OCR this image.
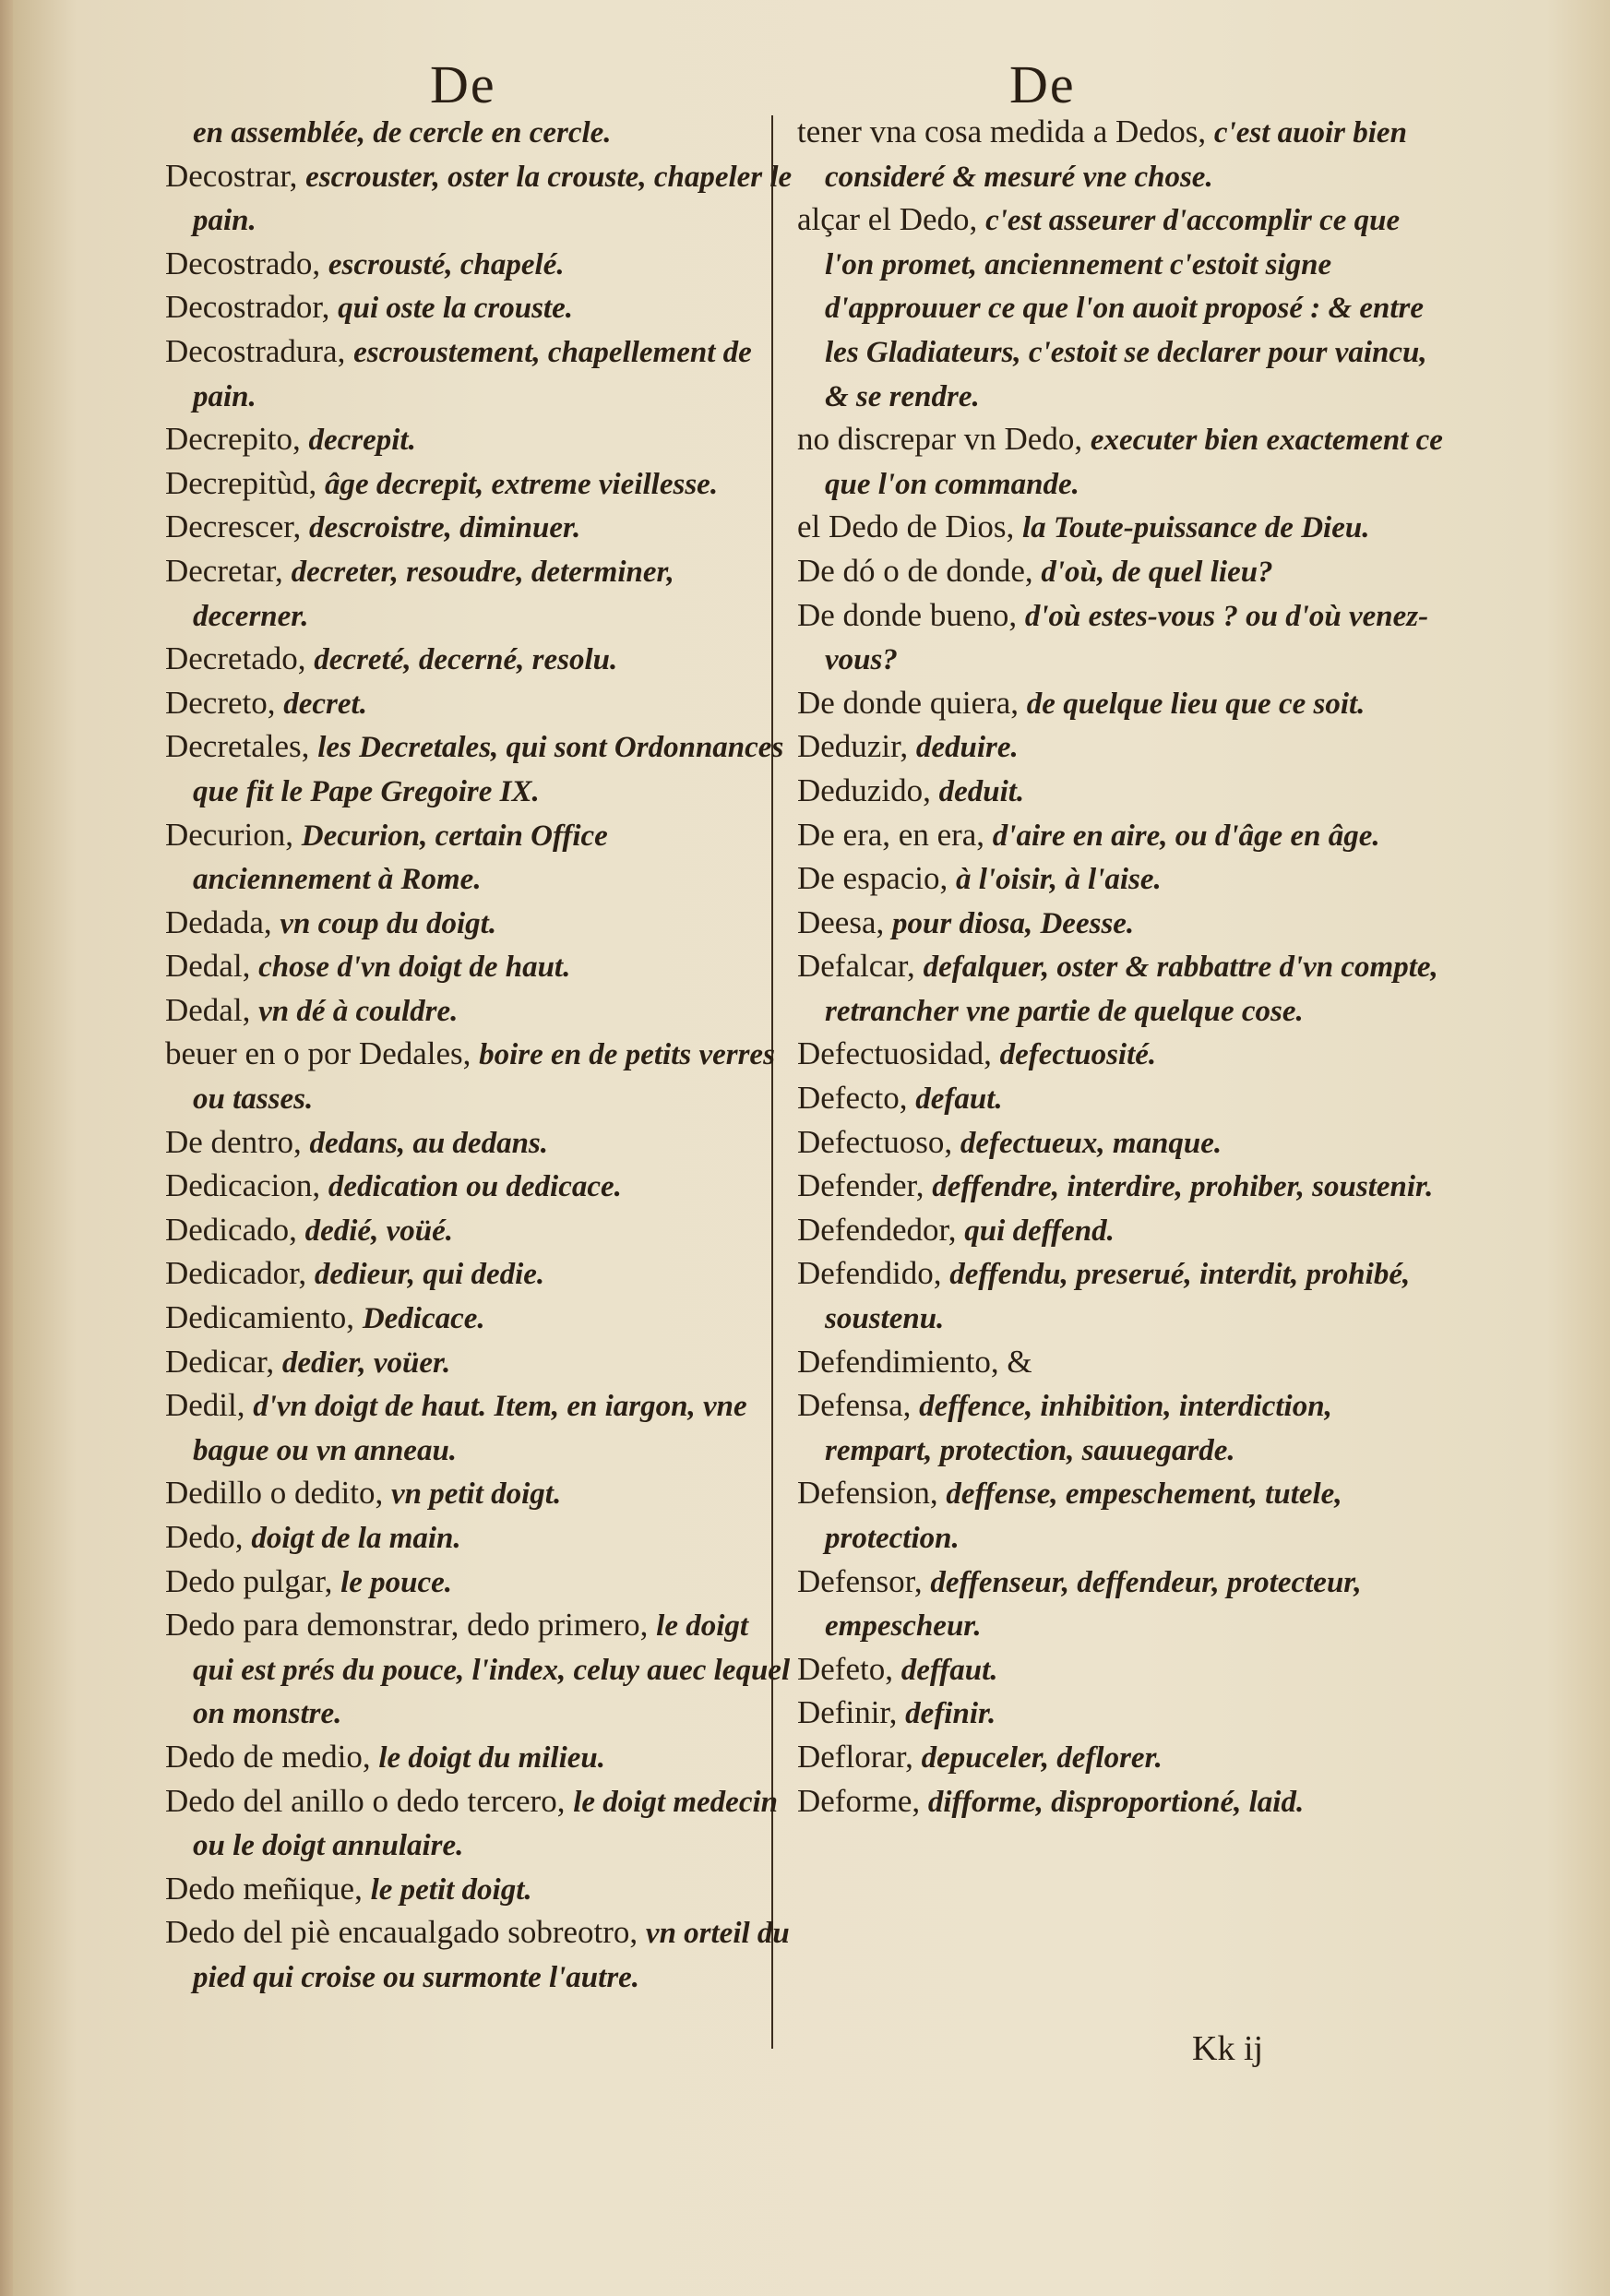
De	De
en assemblée, de cercle en cercle.
Decostrar, escrouster, oster la crouste, chapeler le pain.
Decostrado, escrousté, chapelé.
Decostrador, qui oste la crouste.
Decostradura, escroustement, chapellement de pain.
Decrepito, decrepit.
Decrepitùd, âge decrepit, extreme vieillesse.
Decrescer, descroistre, diminuer.
Decretar, decreter, resoudre, determiner, decerner.
Decretado, decreté, decerné, resolu.
Decreto, decret.
Decretales, les Decretales, qui sont Ordonnances que fit le Pape Gregoire IX.
Decurion, Decurion, certain Office anciennement à Rome.
Dedada, vn coup du doigt.
Dedal, chose d'vn doigt de haut.
Dedal, vn dé à couldre.
beuer en o por Dedales, boire en de petits verres ou tasses.
De dentro, dedans, au dedans.
Dedicacion, dedication ou dedicace.
Dedicado, dedié, voüé.
Dedicador, dedieur, qui dedie.
Dedicamiento, Dedicace.
Dedicar, dedier, voüer.
Dedil, d'vn doigt de haut. Item, en iargon, vne bague ou vn anneau.
Dedillo o dedito, vn petit doigt.
Dedo, doigt de la main.
Dedo pulgar, le pouce.
Dedo para demonstrar, dedo primero, le doigt qui est prés du pouce, l'index, celuy auec lequel on monstre.
Dedo de medio, le doigt du milieu.
Dedo del anillo o dedo tercero, le doigt medecin ou le doigt annulaire.
Dedo meñique, le petit doigt.
Dedo del piè encaualgado sobreotro, vn orteil du pied qui croise ou surmonte l'autre.
tener vna cosa medida a Dedos, c'est auoir bien consideré & mesuré vne chose.
alçar el Dedo, c'est asseurer d'accomplir ce que l'on promet, anciennement c'estoit signe d'approuuer ce que l'on auoit proposé : & entre les Gladiateurs, c'estoit se declarer pour vaincu, & se rendre.
no discrepar vn Dedo, executer bien exactement ce que l'on commande.
el Dedo de Dios, la Toute-puissance de Dieu.
De dó o de donde, d'où, de quel lieu?
De donde bueno, d'où estes-vous ? ou d'où venez-vous?
De donde quiera, de quelque lieu que ce soit.
Deduzir, deduire.
Deduzido, deduit.
De era, en era, d'aire en aire, ou d'âge en âge.
De espacio, à l'oisir, à l'aise.
Deesa, pour diosa, Deesse.
Defalcar, defalquer, oster & rabbattre d'vn compte, retrancher vne partie de quelque cose.
Defectuosidad, defectuosité.
Defecto, defaut.
Defectuoso, defectueux, manque.
Defender, deffendre, interdire, prohiber, soustenir.
Defendedor, qui deffend.
Defendido, deffendu, preserué, interdit, prohibé, soustenu.
Defendimiento, &
Defensa, deffence, inhibition, interdiction, rempart, protection, sauuegarde.
Defension, deffense, empeschement, tutele, protection.
Defensor, deffenseur, deffendeur, protecteur, empescheur.
Defeto, deffaut.
Definir, definir.
Deflorar, depuceler, deflorer.
Deforme, difforme, disproportioné, laid.
Kk ij
